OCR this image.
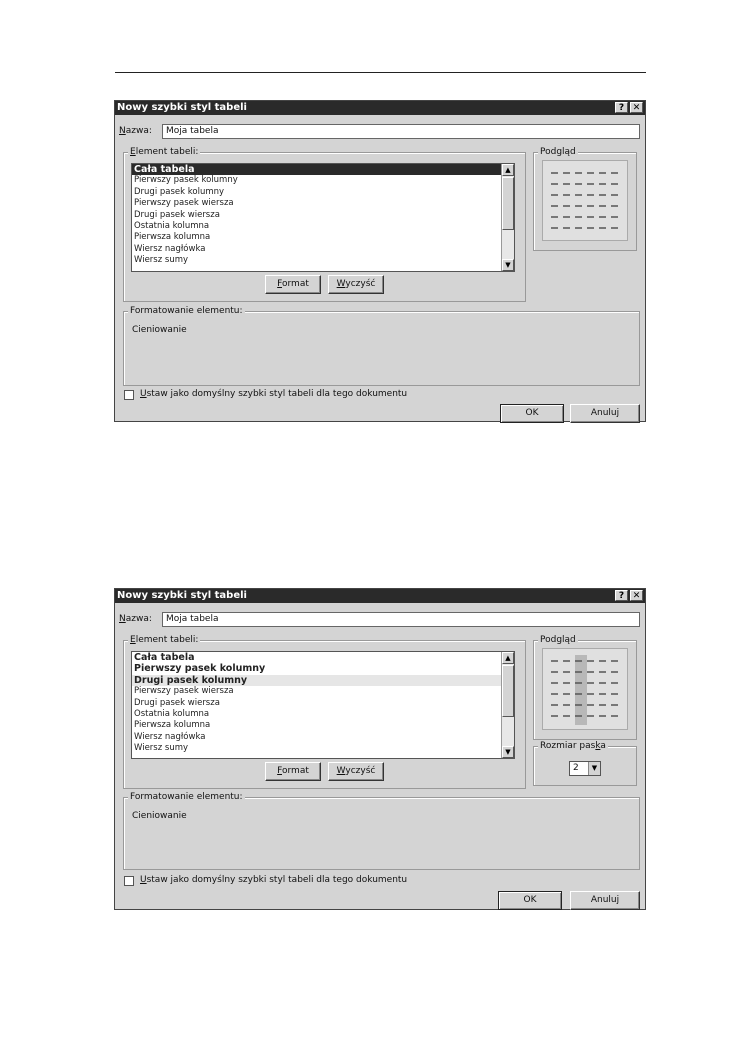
Nowy szybki styl tabeli	? ✕
Nazwa:	Moja tabela
Element tabeli:
Cała tabela
Pierwszy pasek kolumny
Drugi pasek kolumny
Pierwszy pasek wiersza
Drugi pasek wiersza
Ostatnia kolumna
Pierwsza kolumna
Wiersz nagłówka
Wiersz sumy
▲
▼
Format	Wyczyść
Podgląd
Formatowanie elementu:
Cieniowanie
Ustaw jako domyślny szybki styl tabeli dla tego dokumentu
OK	Anuluj
Nowy szybki styl tabeli	? ✕
Nazwa:	Moja tabela
Element tabeli:
Cała tabela
Pierwszy pasek kolumny
Drugi pasek kolumny
Pierwszy pasek wiersza
Drugi pasek wiersza
Ostatnia kolumna
Pierwsza kolumna
Wiersz nagłówka
Wiersz sumy
▲
▼
Format	Wyczyść
Podgląd
Rozmiar paska
2	▼
Formatowanie elementu:
Cieniowanie
Ustaw jako domyślny szybki styl tabeli dla tego dokumentu
OK	Anuluj
